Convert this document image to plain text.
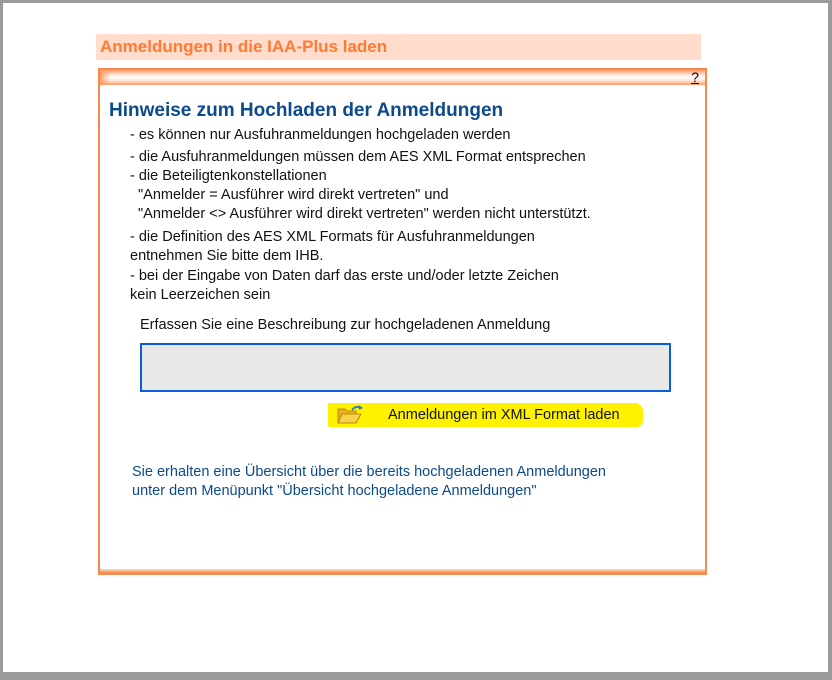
Anmeldungen in die IAA-Plus laden
?
Hinweise zum Hochladen der Anmeldungen
- es können nur Ausfuhranmeldungen hochgeladen werden
- die Ausfuhranmeldungen müssen dem AES XML Format entsprechen
- die Beteiligtenkonstellationen
"Anmelder = Ausführer wird direkt vertreten" und
"Anmelder <> Ausführer wird direkt vertreten" werden nicht unterstützt.
- die Definition des AES XML Formats für Ausfuhranmeldungen
entnehmen Sie bitte dem IHB.
- bei der Eingabe von Daten darf das erste und/oder letzte Zeichen
kein Leerzeichen sein
Erfassen Sie eine Beschreibung zur hochgeladenen Anmeldung
Anmeldungen im XML Format laden
Sie erhalten eine Übersicht über die bereits hochgeladenen Anmeldungen
unter dem Menüpunkt "Übersicht hochgeladene Anmeldungen"
